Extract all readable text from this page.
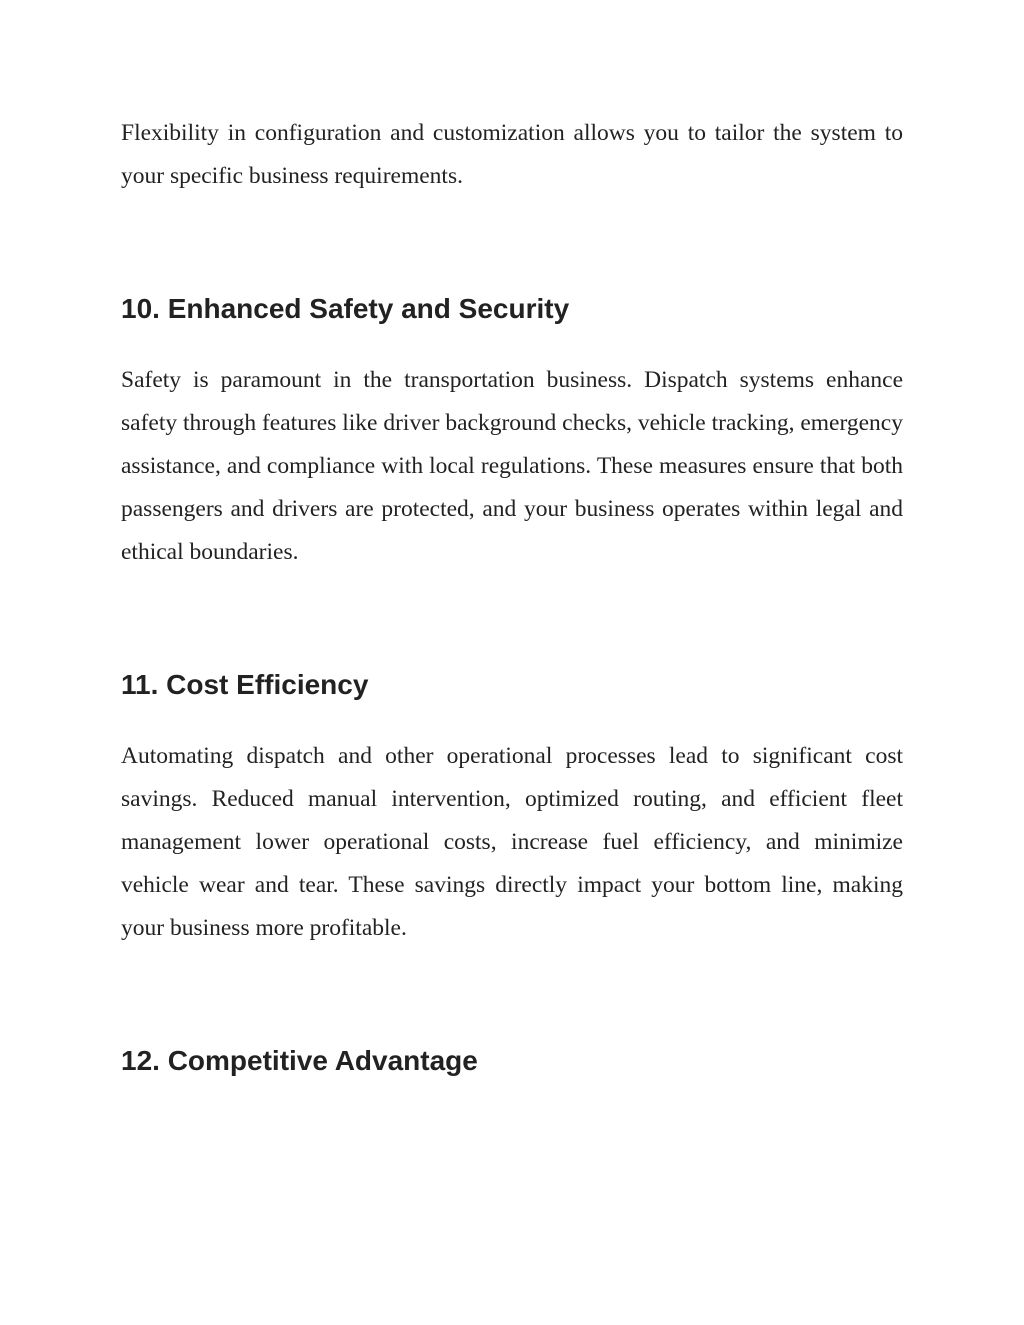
Flexibility in configuration and customization allows you to tailor the system to your specific business requirements.

10. Enhanced Safety and Security

Safety is paramount in the transportation business. Dispatch systems enhance safety through features like driver background checks, vehicle tracking, emergency assistance, and compliance with local regulations. These measures ensure that both passengers and drivers are protected, and your business operates within legal and ethical boundaries.

11. Cost Efficiency

Automating dispatch and other operational processes lead to significant cost savings. Reduced manual intervention, optimized routing, and efficient fleet management lower operational costs, increase fuel efficiency, and minimize vehicle wear and tear. These savings directly impact your bottom line, making your business more profitable.

12. Competitive Advantage
